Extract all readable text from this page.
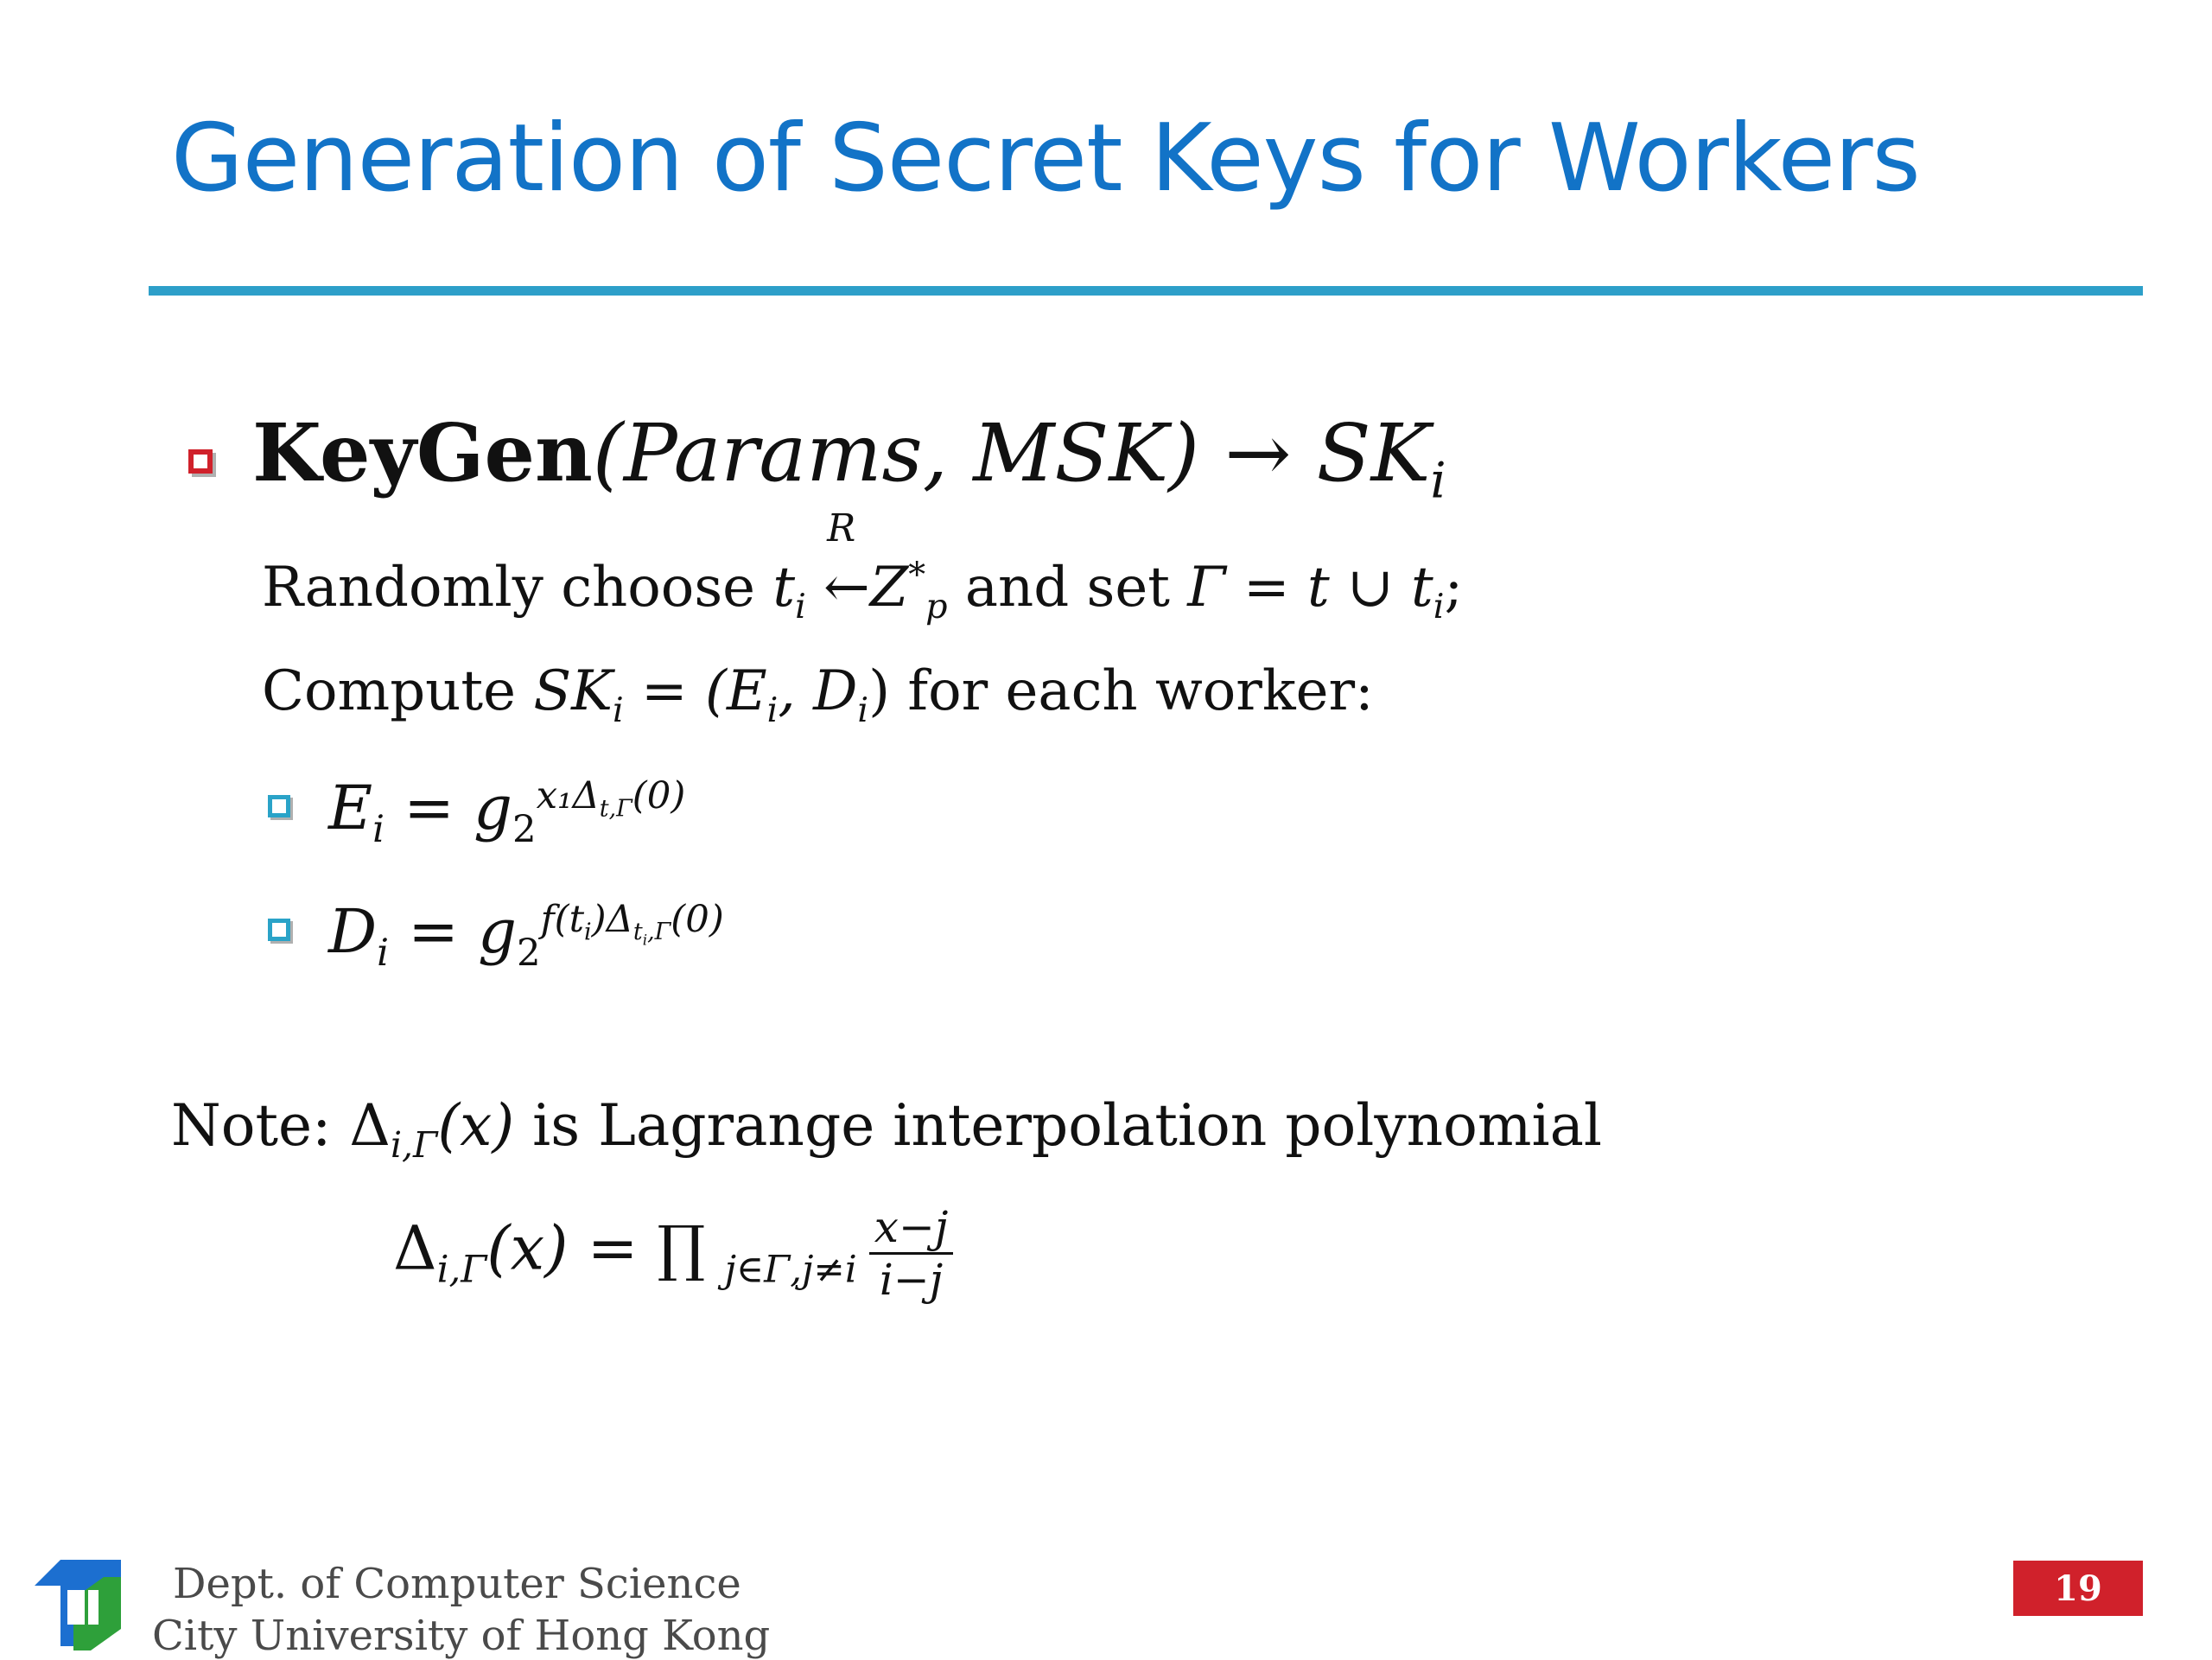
Generation of Secret Keys for Workers
KeyGen(Params, $MSK) \to SK_i$
Randomly choose $t_i$
R
$\leftarrow Z^*_p$ and set Γ = t ∪ $t_i$;
Compute $SK_i = (E_i$, $D_i$) for each worker:
$E_i = g_2^{x_1\Delta_{t,\Gamma}(0)}$
$D_i = g_2^{f(t_i)\Delta_{t_i,\Gamma}(0)}$
Note: $\Delta_{i,\Gamma}(x)$ is Lagrange interpolation polynomial
$\Delta_{i,\Gamma}(x)$ = ∏ $_{j\in\Gamma,j\ne i} \frac{x-j}{i-j}$
Dept. of Computer Science
City University of Hong Kong
19
